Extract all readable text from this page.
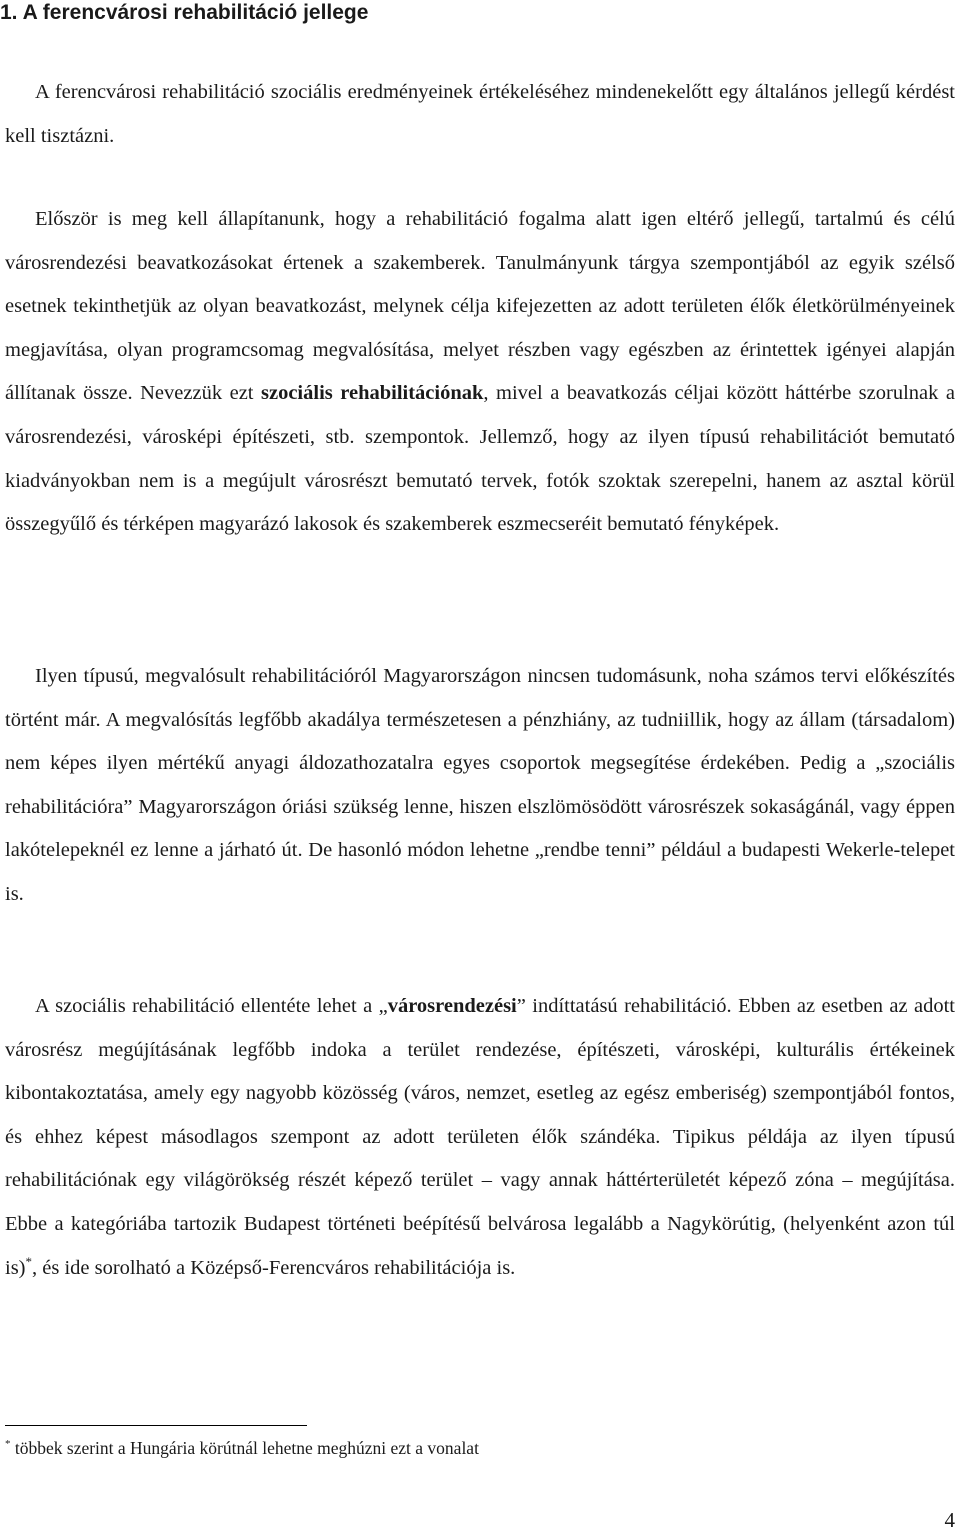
1. A ferencvárosi rehabilitáció jellege

A ferencvárosi rehabilitáció szociális eredményeinek értékeléséhez mindenekelőtt egy általános jellegű kérdést kell tisztázni.

Először is meg kell állapítanunk, hogy a rehabilitáció fogalma alatt igen eltérő jellegű, tartalmú és célú városrendezési beavatkozásokat értenek a szakemberek. Tanulmányunk tárgya szempontjából az egyik szélső esetnek tekinthetjük az olyan beavatkozást, melynek célja kifejezetten az adott területen élők életkörülményeinek megjavítása, olyan programcsomag megvalósítása, melyet részben vagy egészben az érintettek igényei alapján állítanak össze. Nevezzük ezt szociális rehabilitációnak, mivel a beavatkozás céljai között háttérbe szorulnak a városrendezési, városképi építészeti, stb. szempontok. Jellemző, hogy az ilyen típusú rehabilitációt bemutató kiadványokban nem is a megújult városrészt bemutató tervek, fotók szoktak szerepelni, hanem az asztal körül összegyűlő és térképen magyarázó lakosok és szakemberek eszmecseréit bemutató fényképek.

Ilyen típusú, megvalósult rehabilitációról Magyarországon nincsen tudomásunk, noha számos tervi előkészítés történt már. A megvalósítás legfőbb akadálya természetesen a pénzhiány, az tudniillik, hogy az állam (társadalom) nem képes ilyen mértékű anyagi áldozathozatalra egyes csoportok megsegítése érdekében. Pedig a „szociális rehabilitációra” Magyarországon óriási szükség lenne, hiszen elszlömösödött városrészek sokaságánál, vagy éppen lakótelepeknél ez lenne a járható út. De hasonló módon lehetne „rendbe tenni” például a budapesti Wekerle-telepet is.

A szociális rehabilitáció ellentéte lehet a „városrendezési” indíttatású rehabilitáció. Ebben az esetben az adott városrész megújításának legfőbb indoka a terület rendezése, építészeti, városképi, kulturális értékeinek kibontakoztatása, amely egy nagyobb közösség (város, nemzet, esetleg az egész emberiség) szempontjából fontos, és ehhez képest másodlagos szempont az adott területen élők szándéka. Tipikus példája az ilyen típusú rehabilitációnak egy világörökség részét képező terület – vagy annak háttérterületét képező zóna – megújítása. Ebbe a kategóriába tartozik Budapest történeti beépítésű belvárosa legalább a Nagykörútig, (helyenként azon túl is)*, és ide sorolható a Középső-Ferencváros rehabilitációja is.

* többek szerint a Hungária körútnál lehetne meghúzni ezt a vonalat

4
